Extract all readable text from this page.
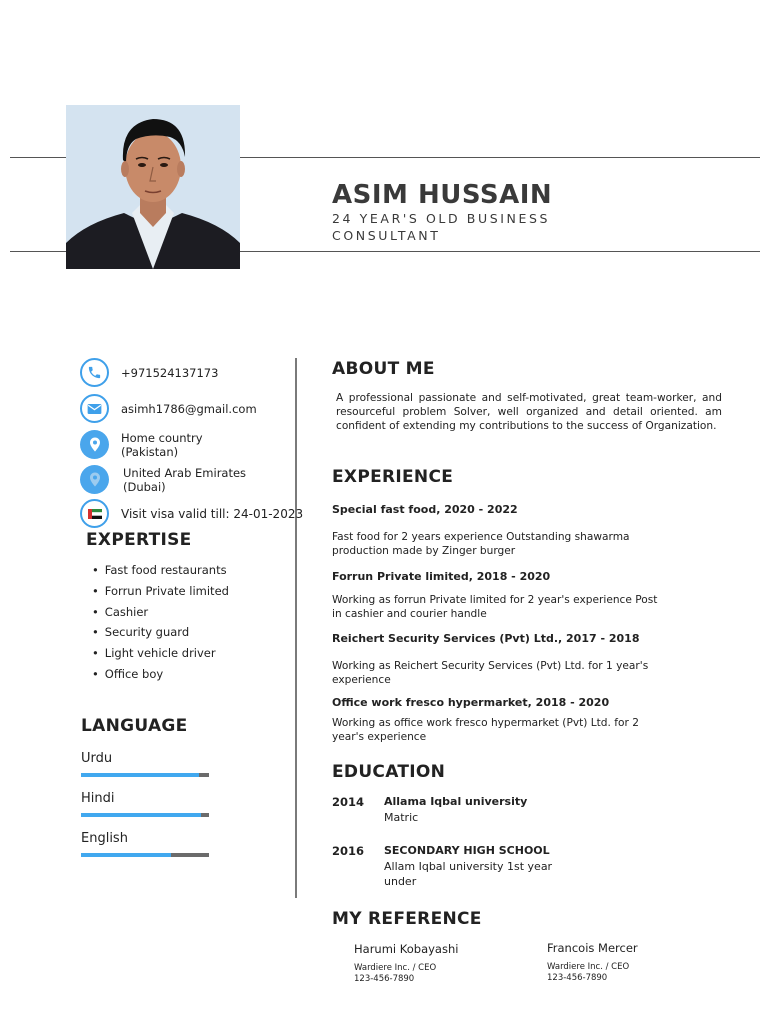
ASIM HUSSAIN
24 YEAR'S OLD BUSINESS CONSULTANT
+971524137173
asimh1786@gmail.com
Home country
(Pakistan)
United Arab Emirates
(Dubai)
Visit visa valid till: 24-01-2023
EXPERTISE
• Fast food restaurants
• Forrun Private limited
• Cashier
• Security guard
• Light vehicle driver
• Office boy
LANGUAGE
Urdu
Hindi
English
ABOUT ME
A professional passionate and self-motivated, great team-worker, and resourceful problem Solver, well organized and detail oriented. am confident of extending my contributions to the success of Organization.
EXPERIENCE
Special fast food, 2020 - 2022
Fast food for 2 years experience Outstanding shawarma production made by Zinger burger
Forrun Private limited, 2018 - 2020
Working as forrun Private limited for 2 year's experience Post in cashier and courier handle
Reichert Security Services (Pvt) Ltd., 2017 - 2018
Working as Reichert Security Services (Pvt) Ltd. for 1 year's experience
Office work fresco hypermarket, 2018 - 2020
Working as office work fresco hypermarket (Pvt) Ltd. for 2 year's experience
EDUCATION
2014 Allama Iqbal university
Matric
2016 SECONDARY HIGH SCHOOL
Allam Iqbal university 1st year under
MY REFERENCE
Harumi Kobayashi
Wardiere Inc. / CEO
123-456-7890
Francois Mercer
Wardiere Inc. / CEO
123-456-7890
